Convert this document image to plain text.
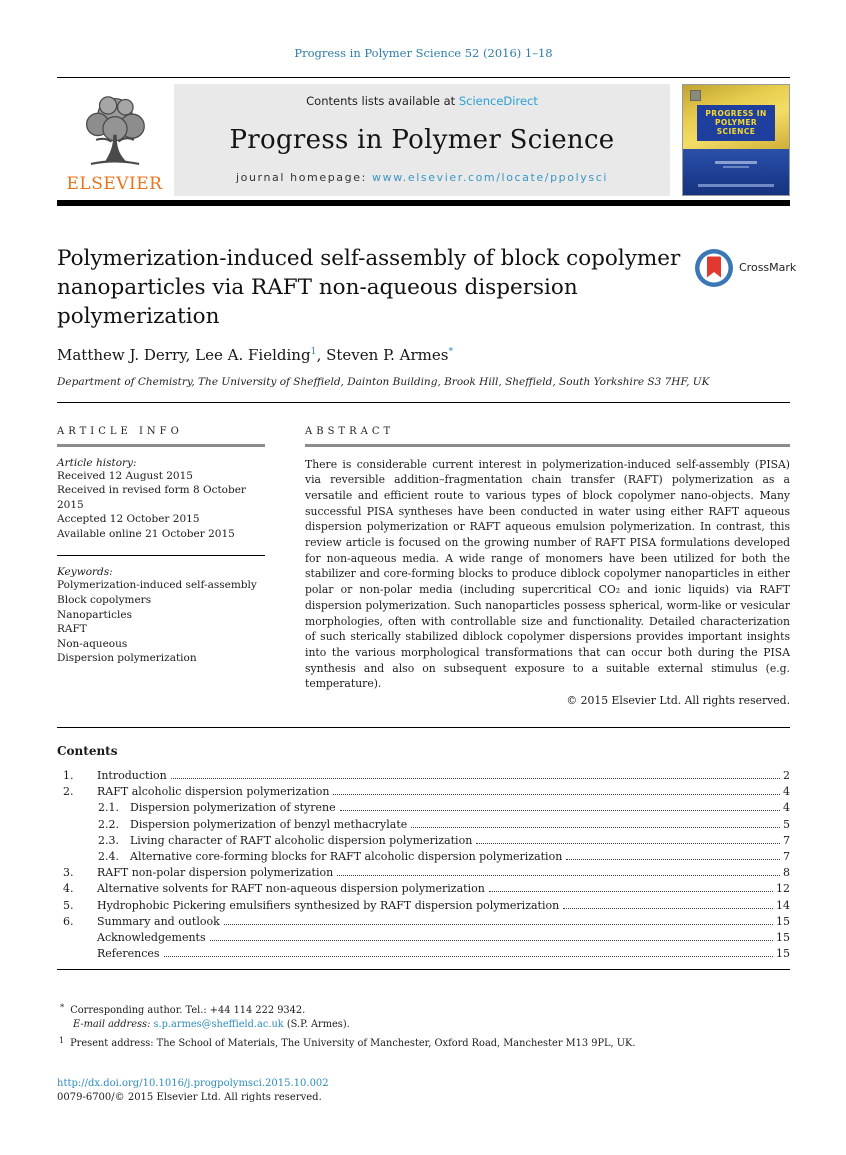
Progress in Polymer Science 52 (2016) 1–18
ELSEVIER
Contents lists available at ScienceDirect
Progress in Polymer Science
journal homepage: www.elsevier.com/locate/ppolysci
PROGRESS IN
POLYMER
SCIENCE
Polymerization-induced self-assembly of block copolymer
nanoparticles via RAFT non-aqueous dispersion
polymerization
CrossMark
Matthew J. Derry, Lee A. Fielding$^1$, Steven P. Armes*
Department of Chemistry, The University of Sheffield, Dainton Building, Brook Hill, Sheffield, South Yorkshire S3 7HF, UK
ARTICLE INFO
Article history:
Received 12 August 2015
Received in revised form 8 October 2015
Accepted 12 October 2015
Available online 21 October 2015
Keywords:
Polymerization-induced self-assembly
Block copolymers
Nanoparticles
RAFT
Non-aqueous
Dispersion polymerization
ABSTRACT

There is considerable current interest in polymerization-induced self-assembly (PISA) via reversible addition–fragmentation chain transfer (RAFT) polymerization as a versatile and efficient route to various types of block copolymer nano-objects. Many successful PISA syntheses have been conducted in water using either RAFT aqueous dispersion polymerization or RAFT aqueous emulsion polymerization. In contrast, this review article is focused on the growing number of RAFT PISA formulations developed for non-aqueous media. A wide range of monomers have been utilized for both the stabilizer and core-forming blocks to produce diblock copolymer nanoparticles in either polar or non-polar media (including supercritical CO₂ and ionic liquids) via RAFT dispersion polymerization. Such nanoparticles possess spherical, worm-like or vesicular morphologies, often with controllable size and functionality. Detailed characterization of such sterically stabilized diblock copolymer dispersions provides important insights into the various morphological transformations that can occur both during the PISA synthesis and also on subsequent exposure to a suitable external stimulus (e.g. temperature).

© 2015 Elsevier Ltd. All rights reserved.
Contents
1.	Introduction	2
2.	RAFT alcoholic dispersion polymerization	4
2.1.	Dispersion polymerization of styrene	4
2.2.	Dispersion polymerization of benzyl methacrylate	5
2.3.	Living character of RAFT alcoholic dispersion polymerization	7
2.4.	Alternative core-forming blocks for RAFT alcoholic dispersion polymerization	7
3.	RAFT non-polar dispersion polymerization	8
4.	Alternative solvents for RAFT non-aqueous dispersion polymerization	12
5.	Hydrophobic Pickering emulsifiers synthesized by RAFT dispersion polymerization	14
6.	Summary and outlook	15
Acknowledgements	15
References	15
* Corresponding author. Tel.: +44 114 222 9342.
E-mail address: s.p.armes@sheffield.ac.uk (S.P. Armes).
$^1$ Present address: The School of Materials, The University of Manchester, Oxford Road, Manchester M13 9PL, UK.
http://dx.doi.org/10.1016/j.progpolymsci.2015.10.002
0079-6700/© 2015 Elsevier Ltd. All rights reserved.
